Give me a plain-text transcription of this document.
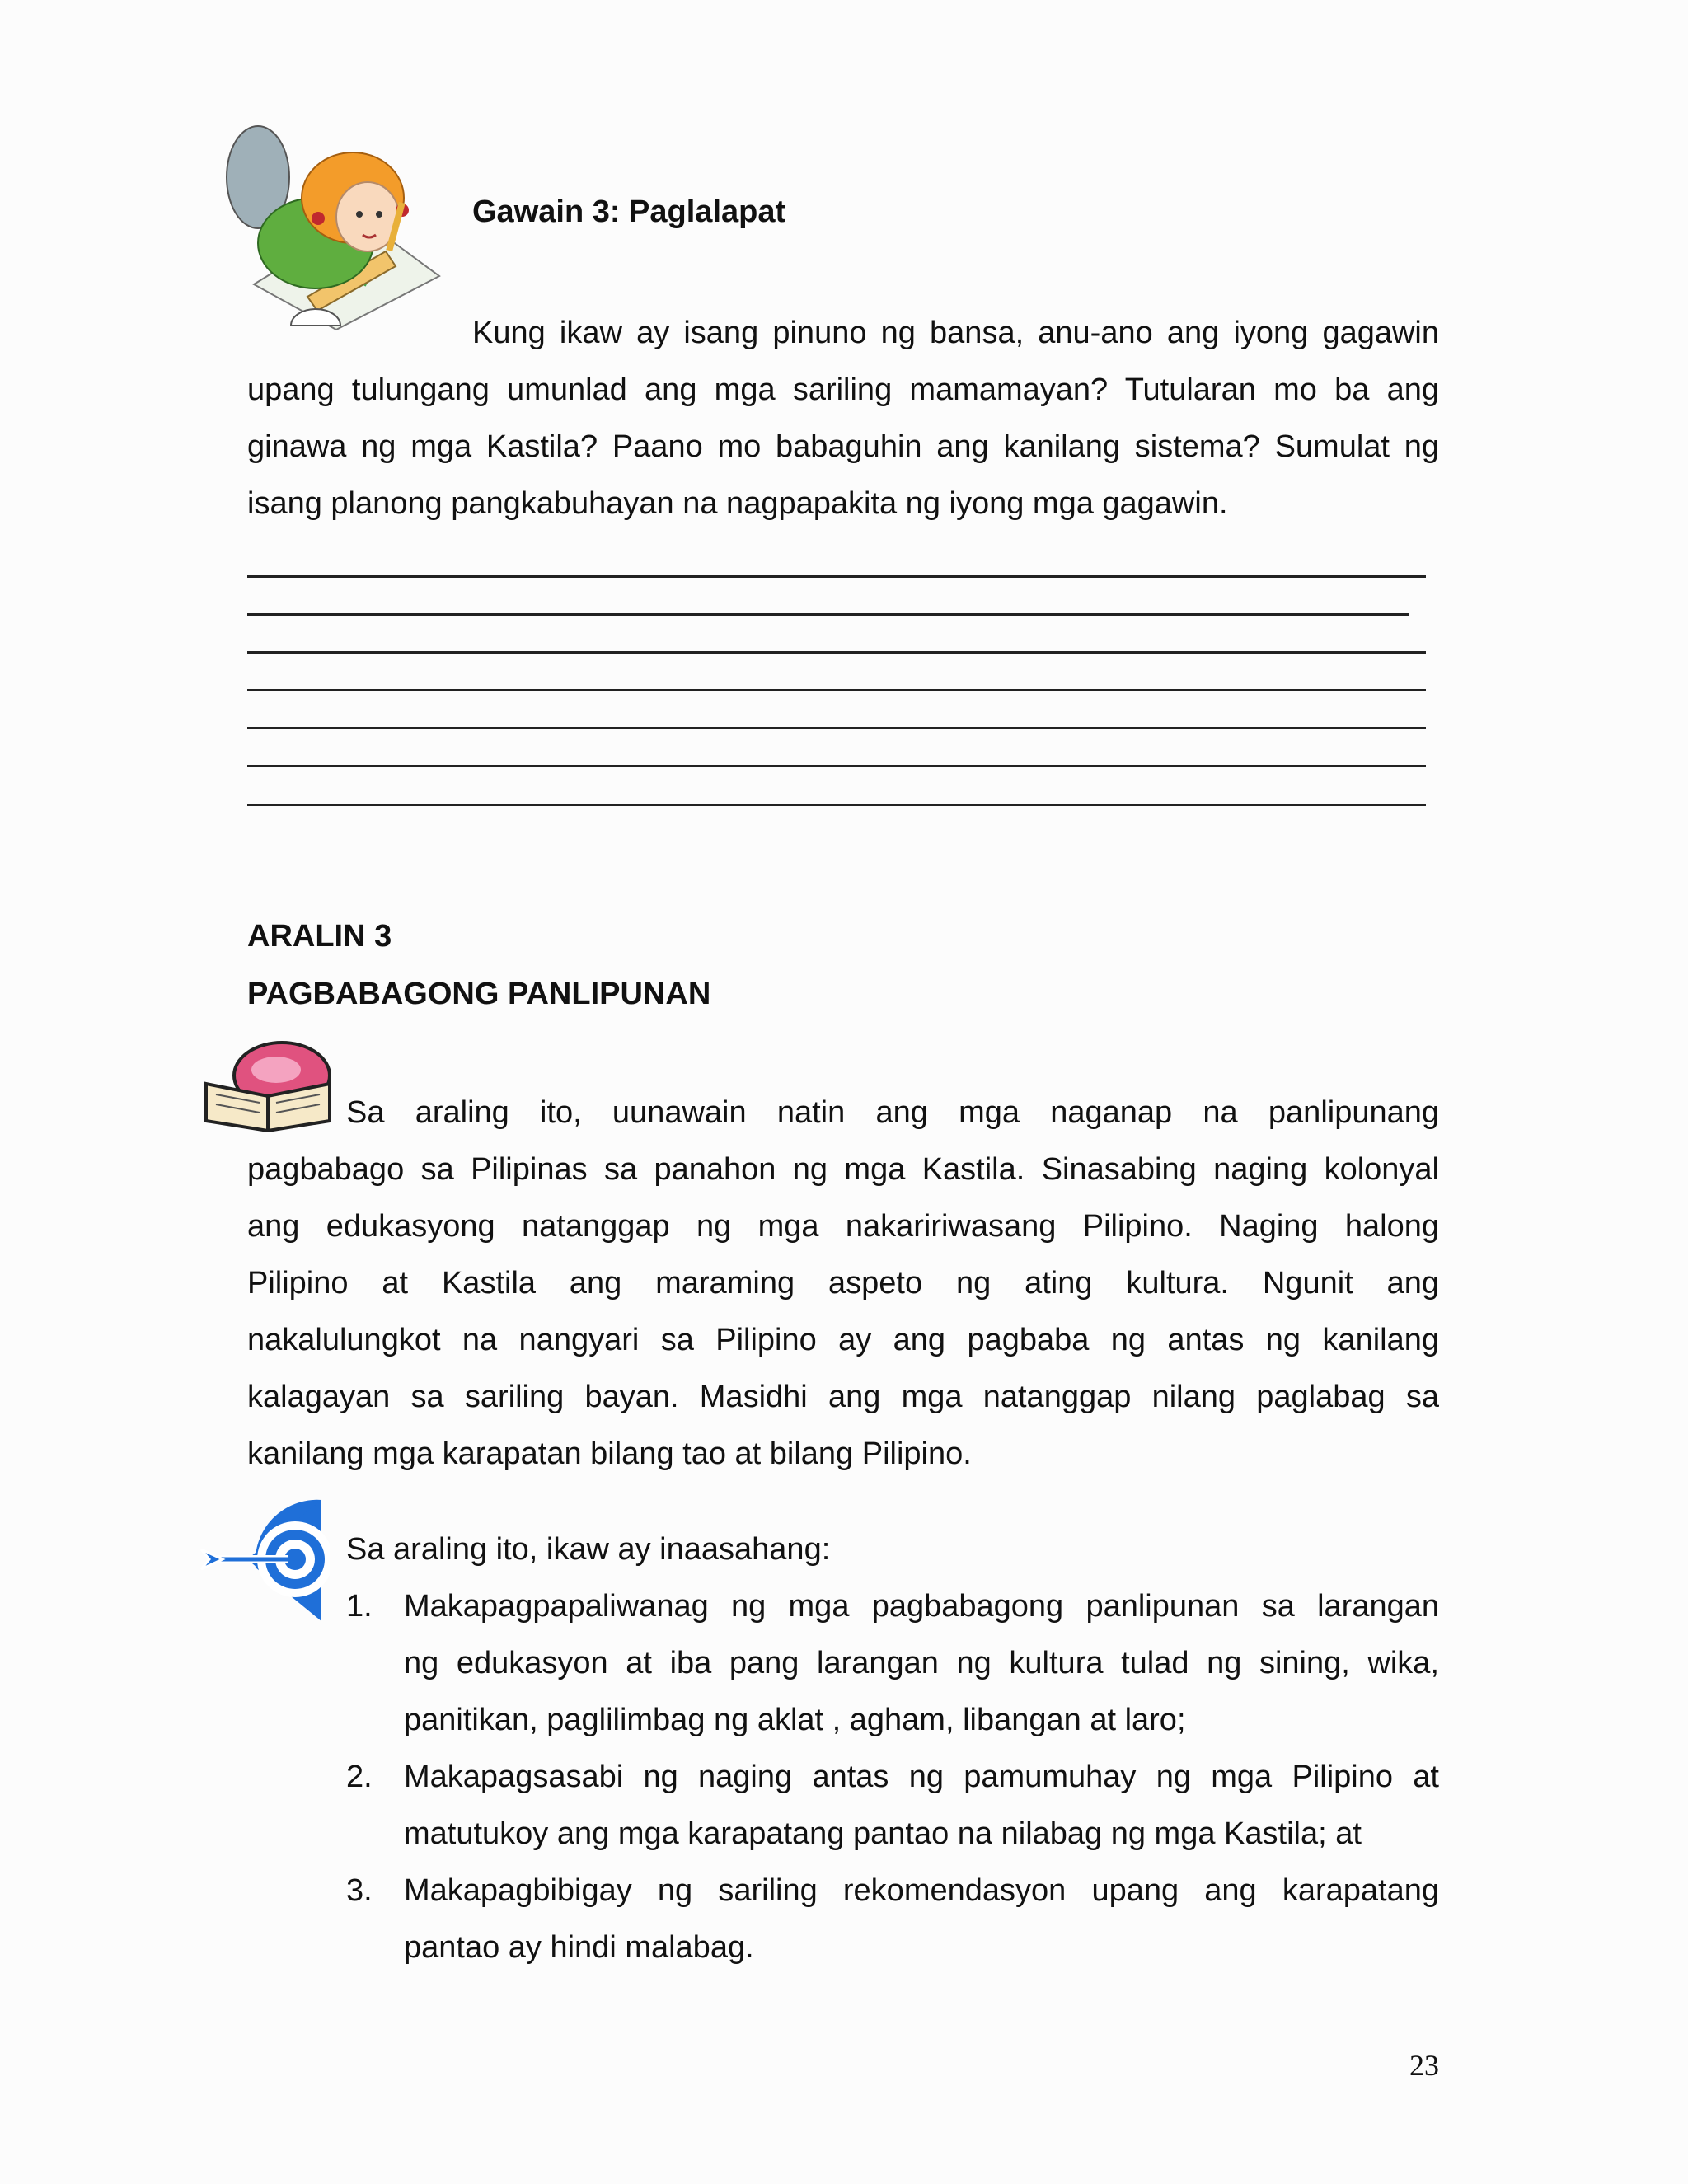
Gawain 3: Paglalapat

Kung ikaw ay isang pinuno ng bansa, anu-ano ang iyong gagawin

upang tulungang umunlad ang mga sariling mamamayan? Tutularan mo ba ang

ginawa ng mga Kastila? Paano mo babaguhin ang kanilang sistema? Sumulat ng

isang planong pangkabuhayan na nagpapakita ng iyong mga gagawin.

ARALIN 3
PAGBABAGONG PANLIPUNAN

Sa araling ito, uunawain natin ang mga naganap na panlipunang

pagbabago sa Pilipinas sa panahon ng mga Kastila. Sinasabing naging kolonyal

ang edukasyong natanggap ng mga nakaririwasang Pilipino. Naging halong

Pilipino at Kastila ang maraming aspeto ng ating kultura. Ngunit ang

nakalulungkot na nangyari sa Pilipino ay ang pagbaba ng antas ng kanilang

kalagayan sa sariling bayan. Masidhi ang mga natanggap nilang paglabag sa

kanilang mga karapatan bilang tao at bilang Pilipino.

Sa araling ito, ikaw ay inaasahang:
1. Makapagpapaliwanag ng mga pagbabagong panlipunan sa larangan
ng edukasyon at iba pang larangan ng kultura tulad ng sining, wika,
panitikan, paglilimbag ng aklat , agham, libangan at laro;
2. Makapagsasabi ng naging antas ng pamumuhay ng mga Pilipino at
matutukoy ang mga karapatang pantao na nilabag ng mga Kastila; at
3. Makapagbibigay ng sariling rekomendasyon upang ang karapatang
pantao ay hindi malabag.
23
